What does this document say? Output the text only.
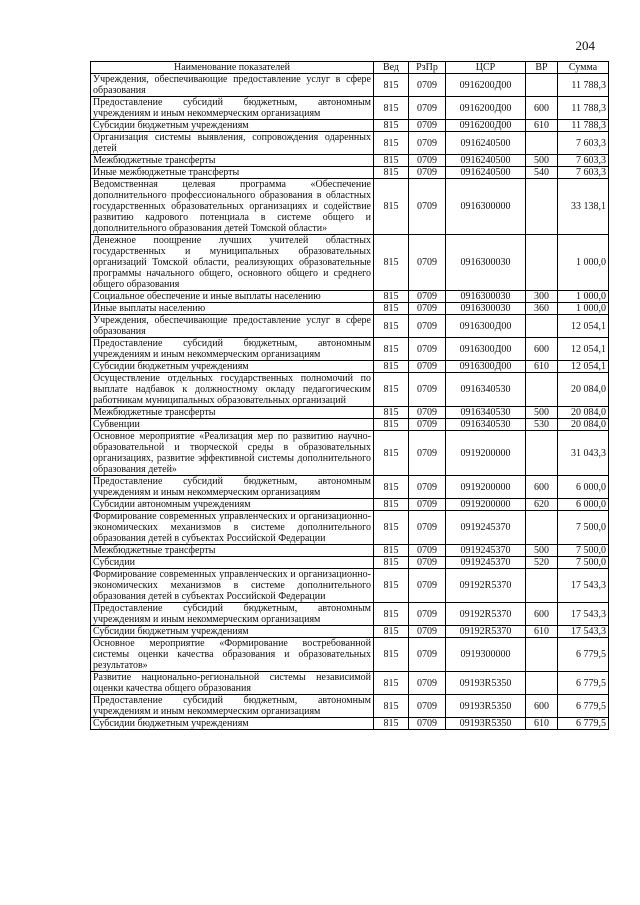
204
Наименование показателей	Вед	РзПр	ЦСР	ВР	Сумма
Учреждения, обеспечивающие предоставление услуг в сфере образования	815	0709	0916200Д00		11 788,3
Предоставление субсидий бюджетным, автономным учреждениям и иным некоммерческим организациям	815	0709	0916200Д00	600	11 788,3
Субсидии бюджетным учреждениям	815	0709	0916200Д00	610	11 788,3
Организация системы выявления, сопровождения одаренных детей	815	0709	0916240500		7 603,3
Межбюджетные трансферты	815	0709	0916240500	500	7 603,3
Иные межбюджетные трансферты	815	0709	0916240500	540	7 603,3
Ведомственная целевая программа «Обеспечение дополнительного профессионального образования в областных государственных образовательных организациях и содействие развитию кадрового потенциала в системе общего и дополнительного образования детей Томской области»	815	0709	0916300000		33 138,1
Денежное поощрение лучших учителей областных государственных и муниципальных образовательных организаций Томской области, реализующих образовательные программы начального общего, основного общего и среднего общего образования	815	0709	0916300030		1 000,0
Социальное обеспечение и иные выплаты населению	815	0709	0916300030	300	1 000,0
Иные выплаты населению	815	0709	0916300030	360	1 000,0
Учреждения, обеспечивающие предоставление услуг в сфере образования	815	0709	0916300Д00		12 054,1
Предоставление субсидий бюджетным, автономным учреждениям и иным некоммерческим организациям	815	0709	0916300Д00	600	12 054,1
Субсидии бюджетным учреждениям	815	0709	0916300Д00	610	12 054,1
Осуществление отдельных государственных полномочий по выплате надбавок к должностному окладу педагогическим работникам муниципальных образовательных организаций	815	0709	0916340530		20 084,0
Межбюджетные трансферты	815	0709	0916340530	500	20 084,0
Субвенции	815	0709	0916340530	530	20 084,0
Основное мероприятие «Реализация мер по развитию научно-образовательной и творческой среды в образовательных организациях, развитие эффективной системы дополнительного образования детей»	815	0709	0919200000		31 043,3
Предоставление субсидий бюджетным, автономным учреждениям и иным некоммерческим организациям	815	0709	0919200000	600	6 000,0
Субсидии автономным учреждениям	815	0709	0919200000	620	6 000,0
Формирование современных управленческих и организационно-экономических механизмов в системе дополнительного образования детей в субъектах Российской Федерации	815	0709	0919245370		7 500,0
Межбюджетные трансферты	815	0709	0919245370	500	7 500,0
Субсидии	815	0709	0919245370	520	7 500,0
Формирование современных управленческих и организационно-экономических механизмов в системе дополнительного образования детей в субъектах Российской Федерации	815	0709	09192R5370		17 543,3
Предоставление субсидий бюджетным, автономным учреждениям и иным некоммерческим организациям	815	0709	09192R5370	600	17 543,3
Субсидии бюджетным учреждениям	815	0709	09192R5370	610	17 543,3
Основное мероприятие «Формирование востребованной системы оценки качества образования и образовательных результатов»	815	0709	0919300000		6 779,5
Развитие национально-региональной системы независимой оценки качества общего образования	815	0709	09193R5350		6 779,5
Предоставление субсидий бюджетным, автономным учреждениям и иным некоммерческим организациям	815	0709	09193R5350	600	6 779,5
Субсидии бюджетным учреждениям	815	0709	09193R5350	610	6 779,5
